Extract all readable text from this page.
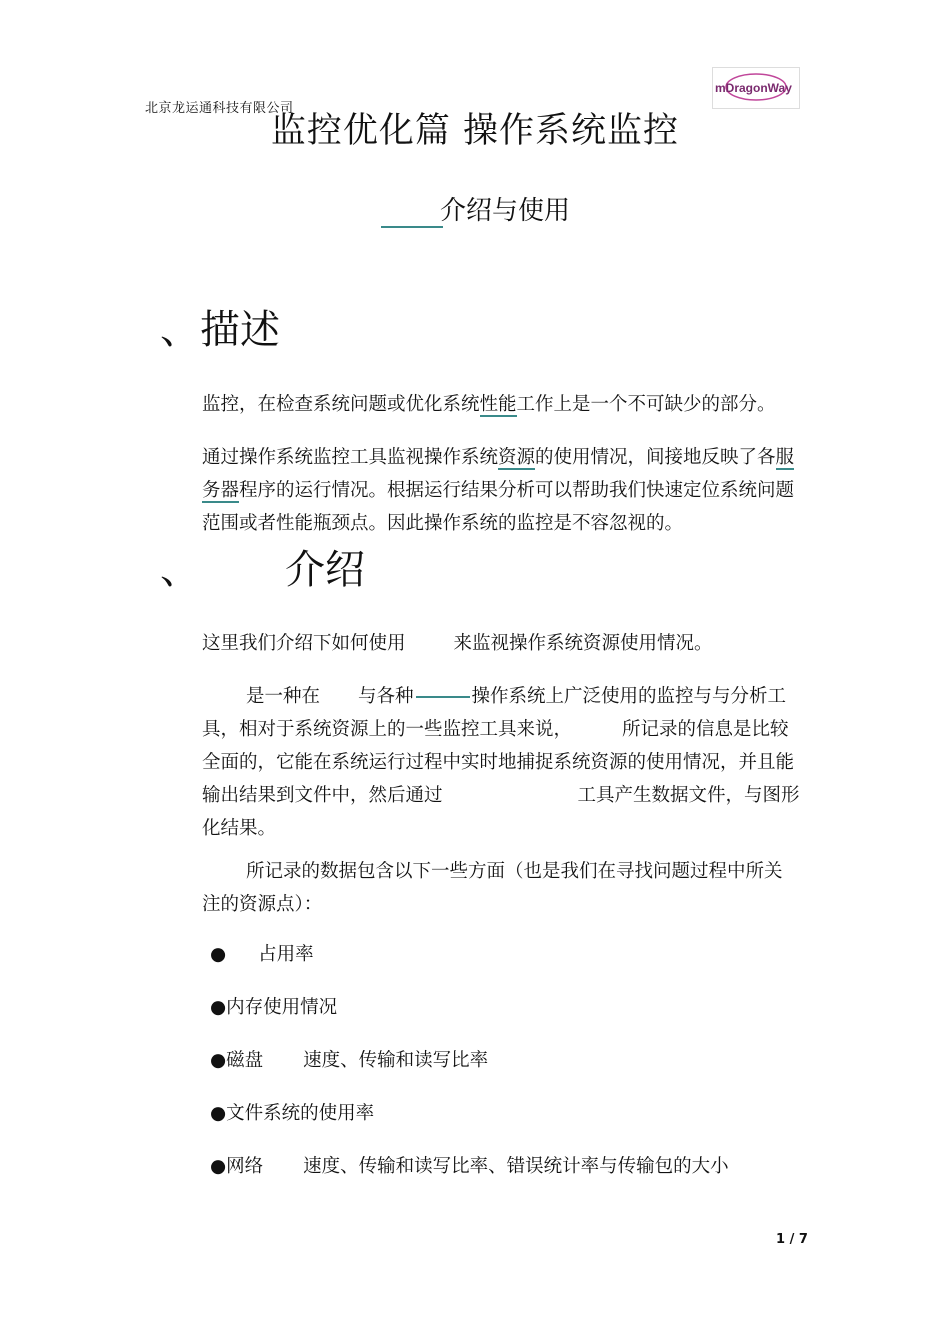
北京龙运通科技有限公司
mDragonWay
监控优化篇 操作系统监控
介绍与使用
、描述
监控，在检查系统问题或优化系统性能工作上是一个不可缺少的部分。
通过操作系统监控工具监视操作系统资源的使用情况，间接地反映了各服
务器程序的运行情况。根据运行结果分析可以帮助我们快速定位系统问题
范围或者性能瓶颈点。因此操作系统的监控是不容忽视的。
、 介绍
这里我们介绍下如何使用	来监视操作系统资源使用情况。
是一种在 与各种	操作系统上广泛使用的监控与与分析工
具，相对于系统资源上的一些监控工具来说，	所记录的信息是比较
全面的，它能在系统运行过程中实时地捕捉系统资源的使用情况，并且能
输出结果到文件中，然后通过	工具产生数据文件，与图形
化结果。
所记录的数据包含以下一些方面（也是我们在寻找问题过程中所关
注的资源点）：
● 占用率
●内存使用情况
●磁盘 速度、传输和读写比率
●文件系统的使用率
●网络 速度、传输和读写比率、错误统计率与传输包的大小
1 / 7
